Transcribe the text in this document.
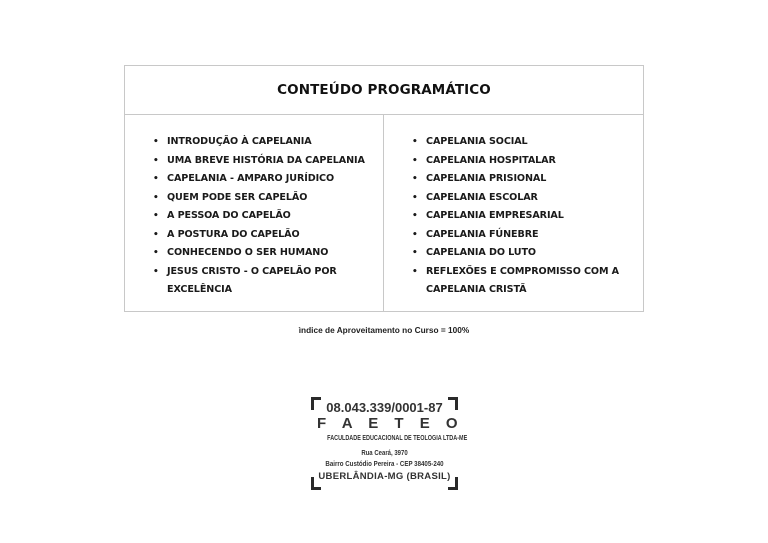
CONTEÚDO PROGRAMÁTICO
• INTRODUÇÃO À CAPELANIA
• UMA BREVE HISTÓRIA DA CAPELANIA
• CAPELANIA - AMPARO JURÍDICO
• QUEM PODE SER CAPELÃO
• A PESSOA DO CAPELÃO
• A POSTURA DO CAPELÃO
• CONHECENDO O SER HUMANO
• JESUS CRISTO - O CAPELÃO POR EXCELÊNCIA
• CAPELANIA SOCIAL
• CAPELANIA HOSPITALAR
• CAPELANIA PRISIONAL
• CAPELANIA ESCOLAR
• CAPELANIA EMPRESARIAL
• CAPELANIA FÚNEBRE
• CAPELANIA DO LUTO
• REFLEXÕES E COMPROMISSO COM A CAPELANIA CRISTÃ
ìndice de Aproveitamento no Curso = 100%
08.043.339/0001-87
F A E T E O
FACULDADE EDUCACIONAL DE TEOLOGIA LTDA-ME
Rua Ceará, 3970
Bairro Custódio Pereira - CEP 38405-240
UBERLÂNDIA-MG (BRASIL)
